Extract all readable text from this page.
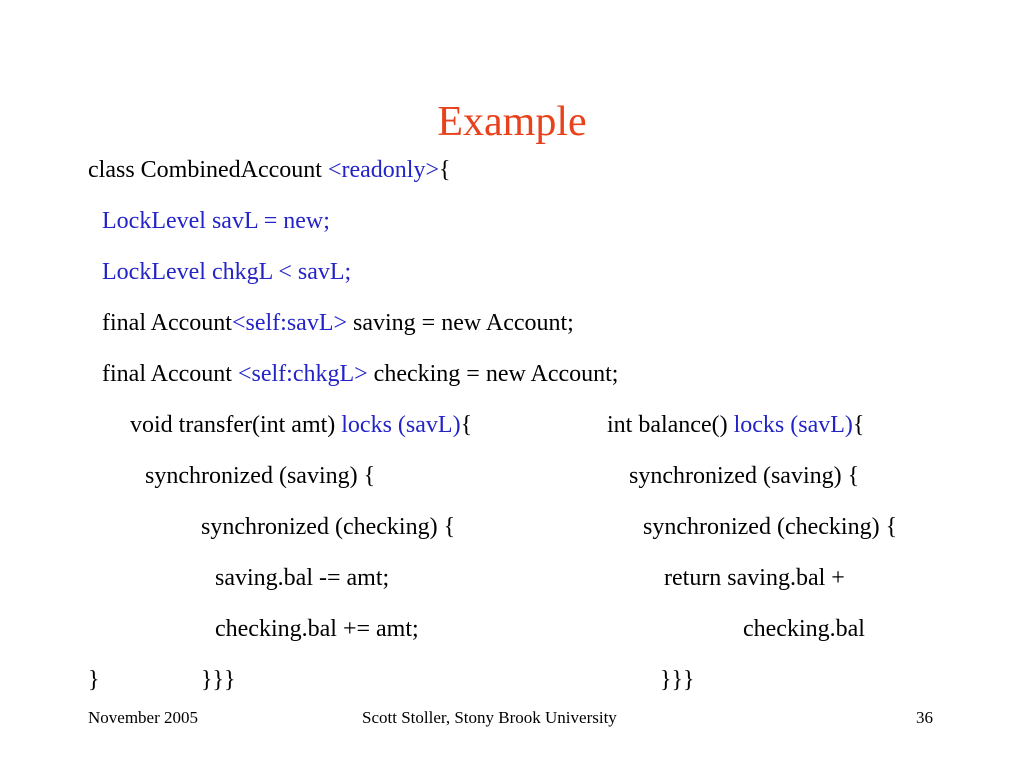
Example
class CombinedAccount <readonly>{
LockLevel savL = new;
LockLevel chkgL < savL;
final Account<self:savL> saving = new Account;
final Account <self:chkgL> checking = new Account;
void transfer(int amt) locks (savL){
synchronized (saving) {
synchronized (checking) {
saving.bal -= amt;
checking.bal += amt;
}	}}}
int balance() locks (savL){
synchronized (saving) {
synchronized (checking) {
return saving.bal +
checking.bal
}}}
November 2005	Scott Stoller, Stony Brook University	36
